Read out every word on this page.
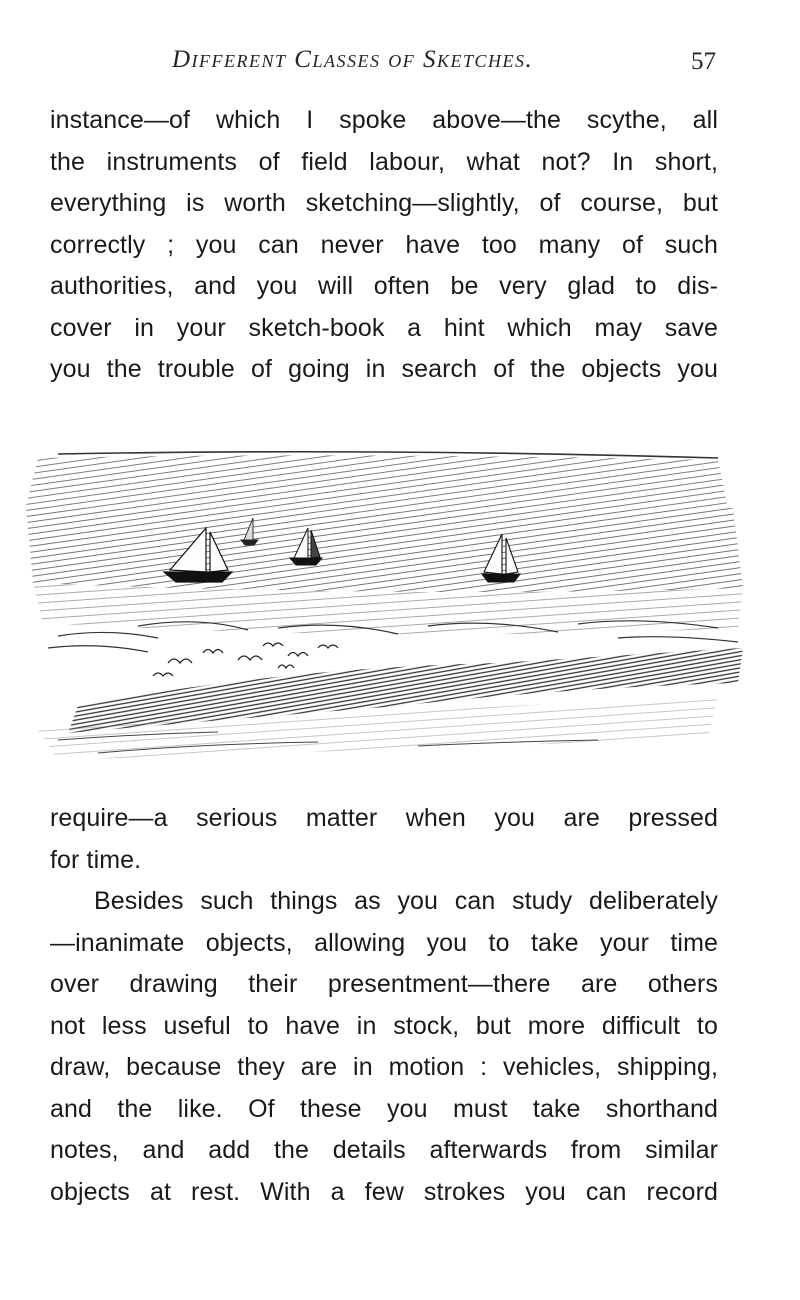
Different Classes of Sketches.	57
instance—of which I spoke above—the scythe, all
the instruments of field labour, what not? In short,
everything is worth sketching—slightly, of course, but
correctly ; you can never have too many of such
authorities, and you will often be very glad to dis-
cover in your sketch-book a hint which may save
you the trouble of going in search of the objects you
require—a serious matter when you are pressed
for time.
Besides such things as you can study deliberately
—inanimate objects, allowing you to take your time
over drawing their presentment—there are others
not less useful to have in stock, but more difficult to
draw, because they are in motion : vehicles, shipping,
and the like. Of these you must take shorthand
notes, and add the details afterwards from similar
objects at rest. With a few strokes you can record
